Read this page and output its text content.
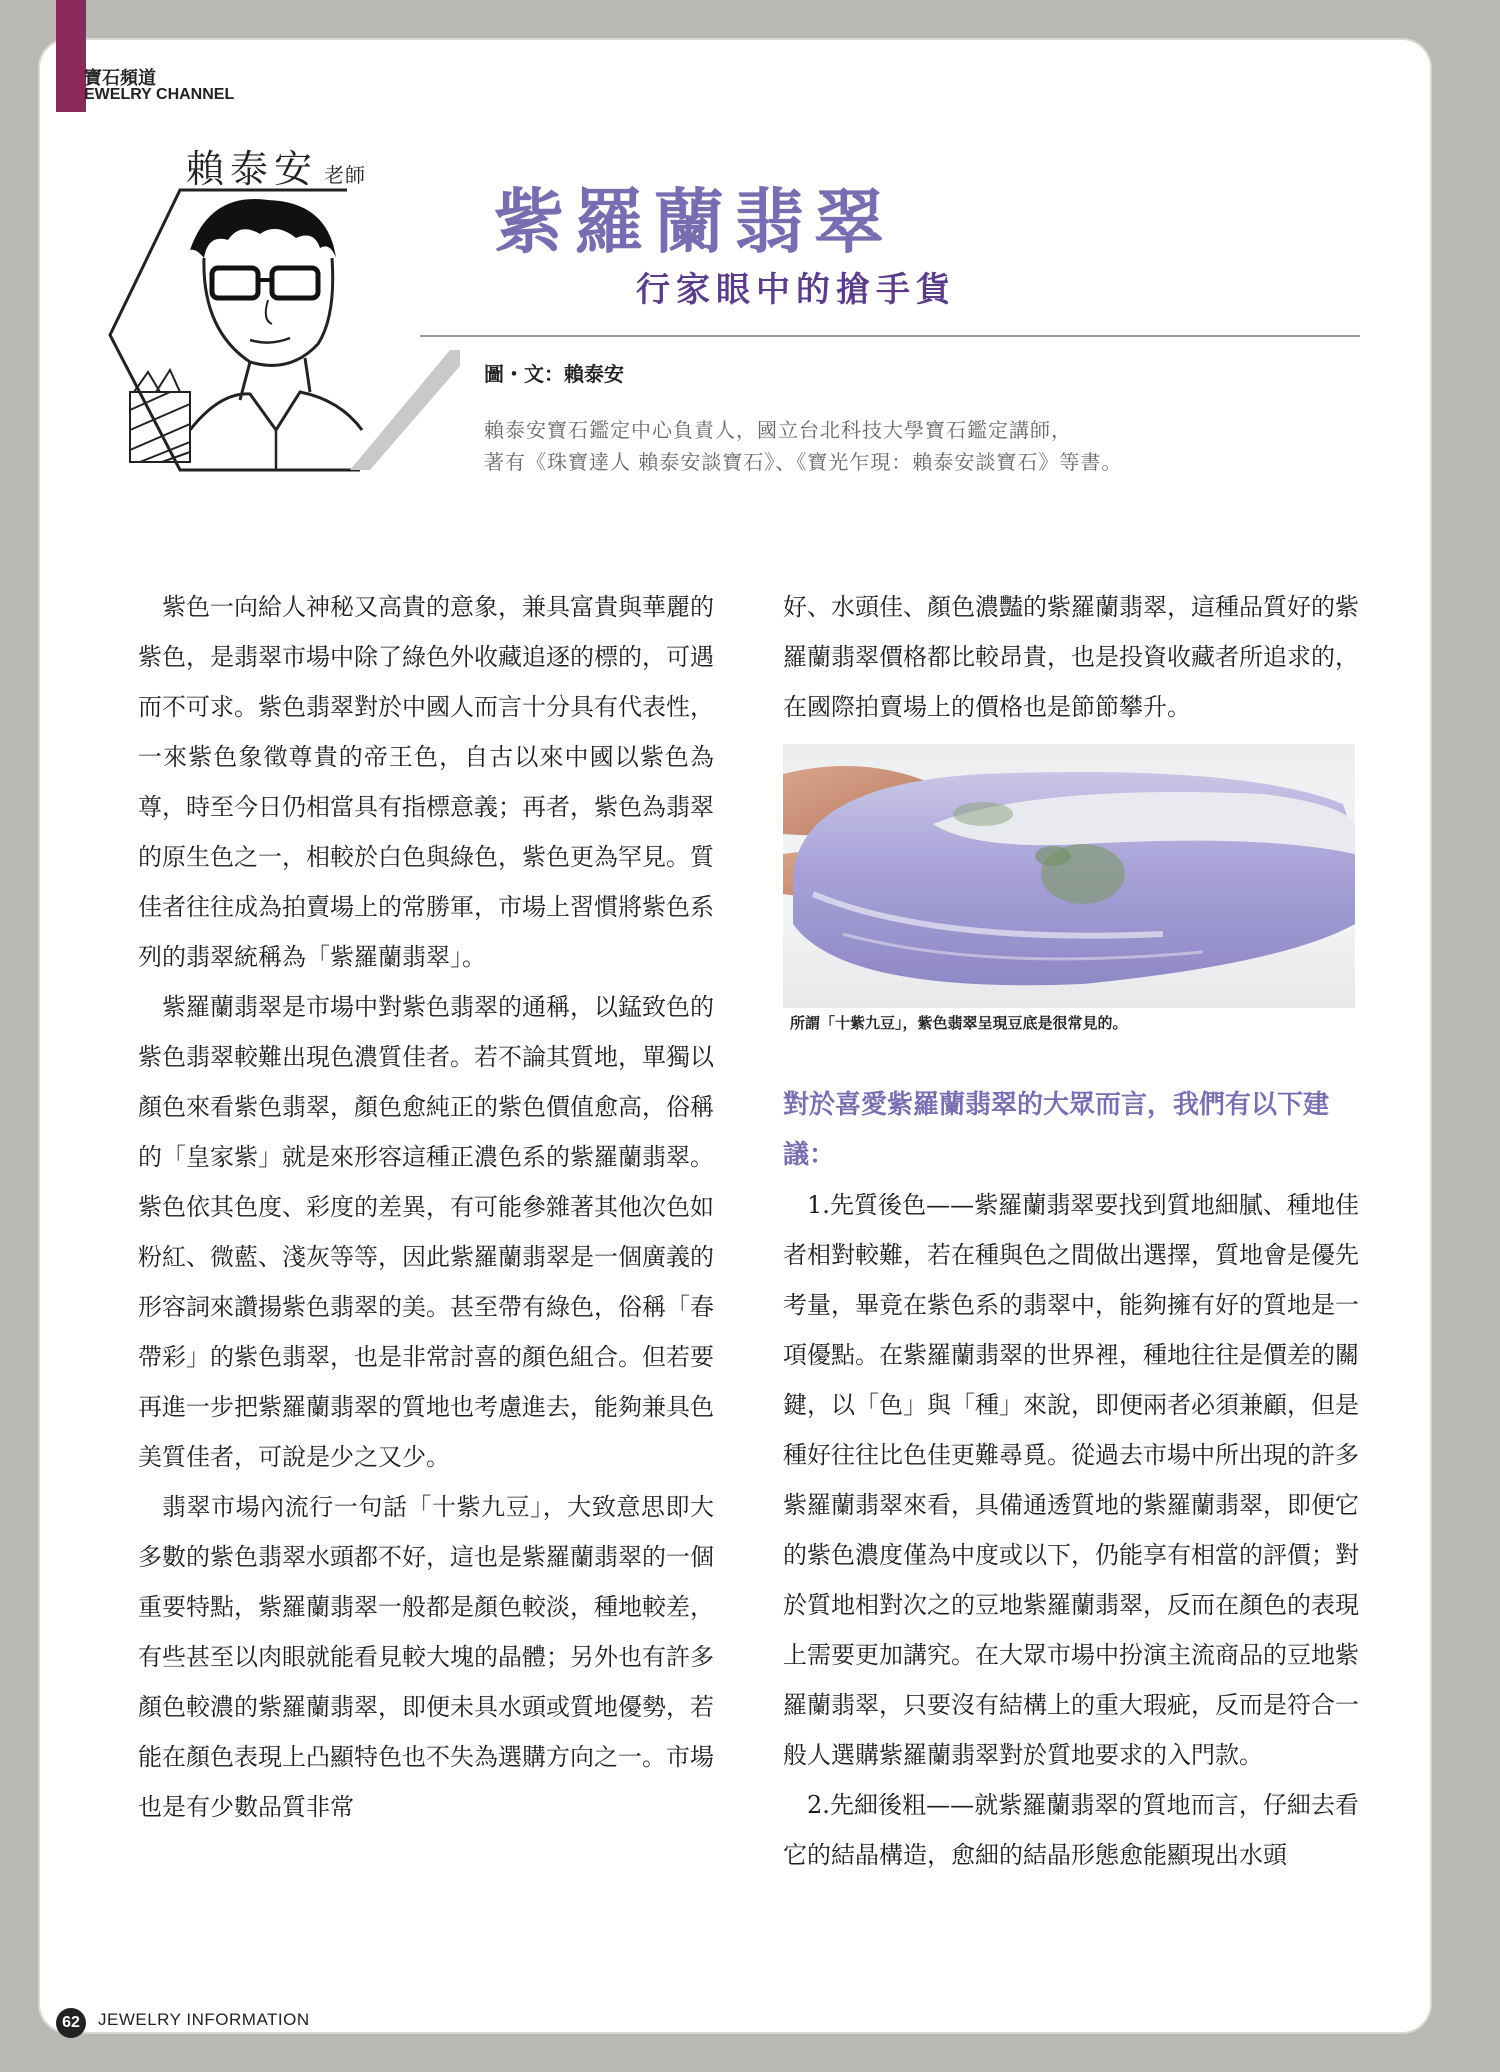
J 寶石頻道
EWELRY CHANNEL
賴泰安 老師
紫羅蘭翡翠
行家眼中的搶手貨
圖・文：賴泰安
賴泰安寶石鑑定中心負責人，國立台北科技大學寶石鑑定講師，
著有《珠寶達人 賴泰安談寶石》、《寶光乍現：賴泰安談寶石》等書。

紫色一向給人神秘又高貴的意象，兼具富貴與華麗的紫色，是翡翠市場中除了綠色外收藏追逐的標的，可遇而不可求。紫色翡翠對於中國人而言十分具有代表性，一來紫色象徵尊貴的帝王色，自古以來中國以紫色為尊，時至今日仍相當具有指標意義；再者，紫色為翡翠的原生色之一，相較於白色與綠色，紫色更為罕見。質佳者往往成為拍賣場上的常勝軍，市場上習慣將紫色系列的翡翠統稱為「紫羅蘭翡翠」。

紫羅蘭翡翠是市場中對紫色翡翠的通稱，以錳致色的紫色翡翠較難出現色濃質佳者。若不論其質地，單獨以顏色來看紫色翡翠，顏色愈純正的紫色價值愈高，俗稱的「皇家紫」就是來形容這種正濃色系的紫羅蘭翡翠。紫色依其色度、彩度的差異，有可能參雜著其他次色如粉紅、微藍、淺灰等等，因此紫羅蘭翡翠是一個廣義的形容詞來讚揚紫色翡翠的美。甚至帶有綠色，俗稱「春帶彩」的紫色翡翠，也是非常討喜的顏色組合。但若要再進一步把紫羅蘭翡翠的質地也考慮進去，能夠兼具色美質佳者，可說是少之又少。

翡翠市場內流行一句話「十紫九豆」，大致意思即大多數的紫色翡翠水頭都不好，這也是紫羅蘭翡翠的一個重要特點，紫羅蘭翡翠一般都是顏色較淡，種地較差，有些甚至以肉眼就能看見較大塊的晶體；另外也有許多顏色較濃的紫羅蘭翡翠，即便未具水頭或質地優勢，若能在顏色表現上凸顯特色也不失為選購方向之一。市場也是有少數品質非常

好、水頭佳、顏色濃豔的紫羅蘭翡翠，這種品質好的紫羅蘭翡翠價格都比較昂貴，也是投資收藏者所追求的，在國際拍賣場上的價格也是節節攀升。

所謂「十紫九豆」，紫色翡翠呈現豆底是很常見的。
對於喜愛紫羅蘭翡翠的大眾而言，我們有以下建議：

1.先質後色——紫羅蘭翡翠要找到質地細膩、種地佳者相對較難，若在種與色之間做出選擇，質地會是優先考量，畢竟在紫色系的翡翠中，能夠擁有好的質地是一項優點。在紫羅蘭翡翠的世界裡，種地往往是價差的關鍵，以「色」與「種」來說，即便兩者必須兼顧，但是種好往往比色佳更難尋覓。從過去市場中所出現的許多紫羅蘭翡翠來看，具備通透質地的紫羅蘭翡翠，即便它的紫色濃度僅為中度或以下，仍能享有相當的評價；對於質地相對次之的豆地紫羅蘭翡翠，反而在顏色的表現上需要更加講究。在大眾市場中扮演主流商品的豆地紫羅蘭翡翠，只要沒有結構上的重大瑕疵，反而是符合一般人選購紫羅蘭翡翠對於質地要求的入門款。

2.先細後粗——就紫羅蘭翡翠的質地而言，仔細去看它的結晶構造，愈細的結晶形態愈能顯現出水頭

62	JEWELRY INFORMATION
